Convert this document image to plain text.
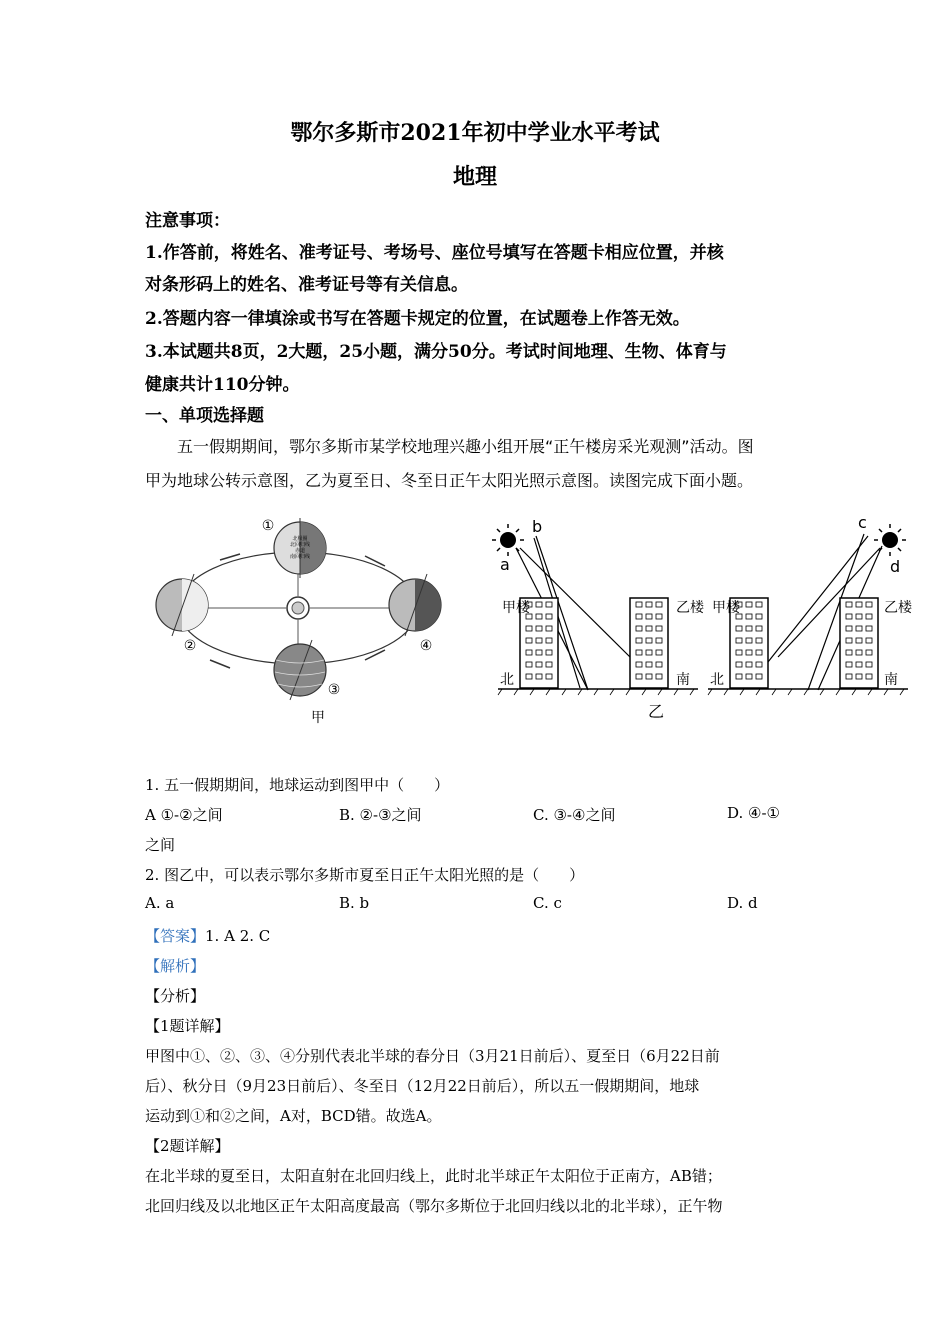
鄂尔多斯市2021年初中学业水平考试
地理
注意事项：
1.作答前，将姓名、准考证号、考场号、座位号填写在答题卡相应位置，并核
对条形码上的姓名、准考证号等有关信息。
2.答题内容一律填涂或书写在答题卡规定的位置，在试题卷上作答无效。
3.本试题共8页，2大题，25小题，满分50分。考试时间地理、生物、体育与
健康共计110分钟。
一、单项选择题
五一假期期间，鄂尔多斯市某学校地理兴趣小组开展“正午楼房采光观测”活动。图
甲为地球公转示意图，乙为夏至日、冬至日正午太阳光照示意图。读图完成下面小题。
北极圈
北回归线
赤道
南回归线
①
②
③
④
甲
b
a
甲楼	乙楼
北	南
c
d
甲楼	乙楼
北	南
乙
1. 五一假期期间，地球运动到图甲中（　　）
A ①-②之间	B. ②-③之间	C. ③-④之间	D. ④-①
之间
2. 图乙中，可以表示鄂尔多斯市夏至日正午太阳光照的是（　　）
A. a	B. b	C. c	D. d
【答案】1. A 2. C
【解析】
【分析】
【1题详解】
甲图中①、②、③、④分别代表北半球的春分日（3月21日前后）、夏至日（6月22日前
后）、秋分日（9月23日前后）、冬至日（12月22日前后），所以五一假期期间，地球
运动到①和②之间，A对，BCD错。故选A。
【2题详解】
在北半球的夏至日，太阳直射在北回归线上，此时北半球正午太阳位于正南方，AB错；
北回归线及以北地区正午太阳高度最高（鄂尔多斯位于北回归线以北的北半球），正午物
